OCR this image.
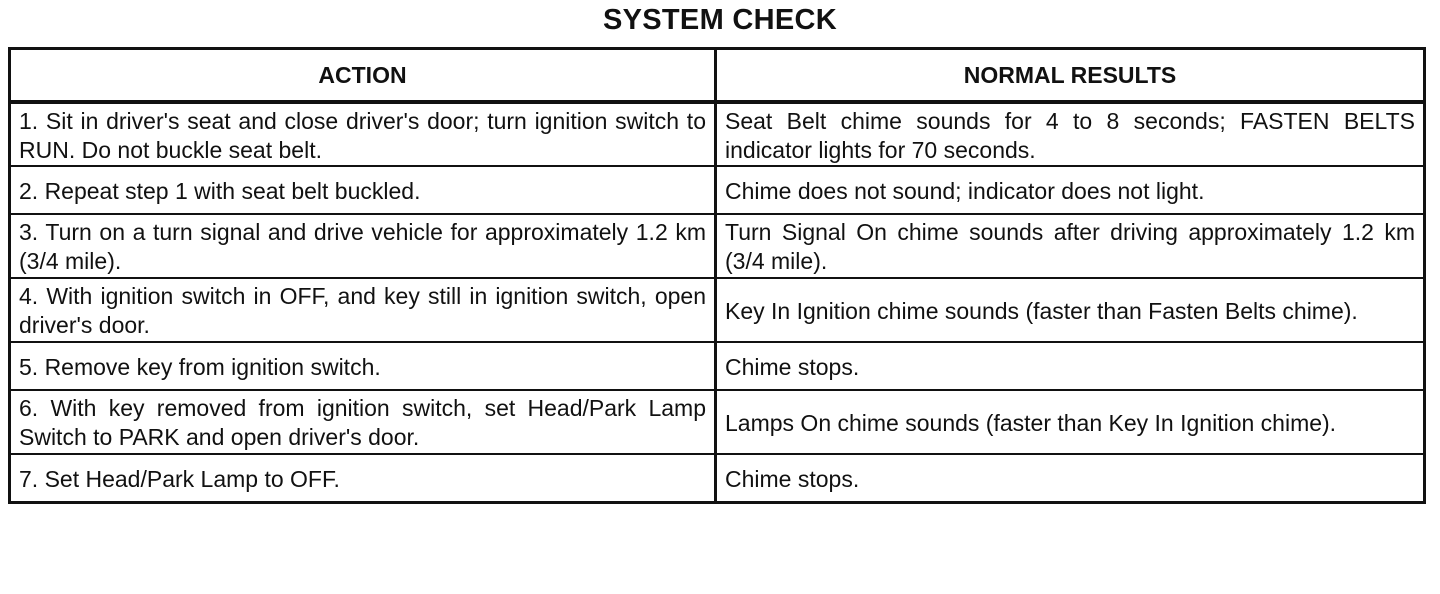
SYSTEM CHECK
ACTION	NORMAL RESULTS
1. Sit in driver's seat and close driver's door; turn ignition switch to RUN. Do not buckle seat belt.	Seat Belt chime sounds for 4 to 8 seconds; FASTEN BELTS indicator lights for 70 seconds.
2. Repeat step 1 with seat belt buckled.	Chime does not sound; indicator does not light.
3. Turn on a turn signal and drive vehicle for approximately 1.2 km (3/4 mile).	Turn Signal On chime sounds after driving approximately 1.2 km (3/4 mile).
4. With ignition switch in OFF, and key still in ignition switch, open driver's door.	Key In Ignition chime sounds (faster than Fasten Belts chime).
5. Remove key from ignition switch.	Chime stops.
6. With key removed from ignition switch, set Head/Park Lamp Switch to PARK and open driver's door.	Lamps On chime sounds (faster than Key In Ignition chime).
7. Set Head/Park Lamp to OFF.	Chime stops.
